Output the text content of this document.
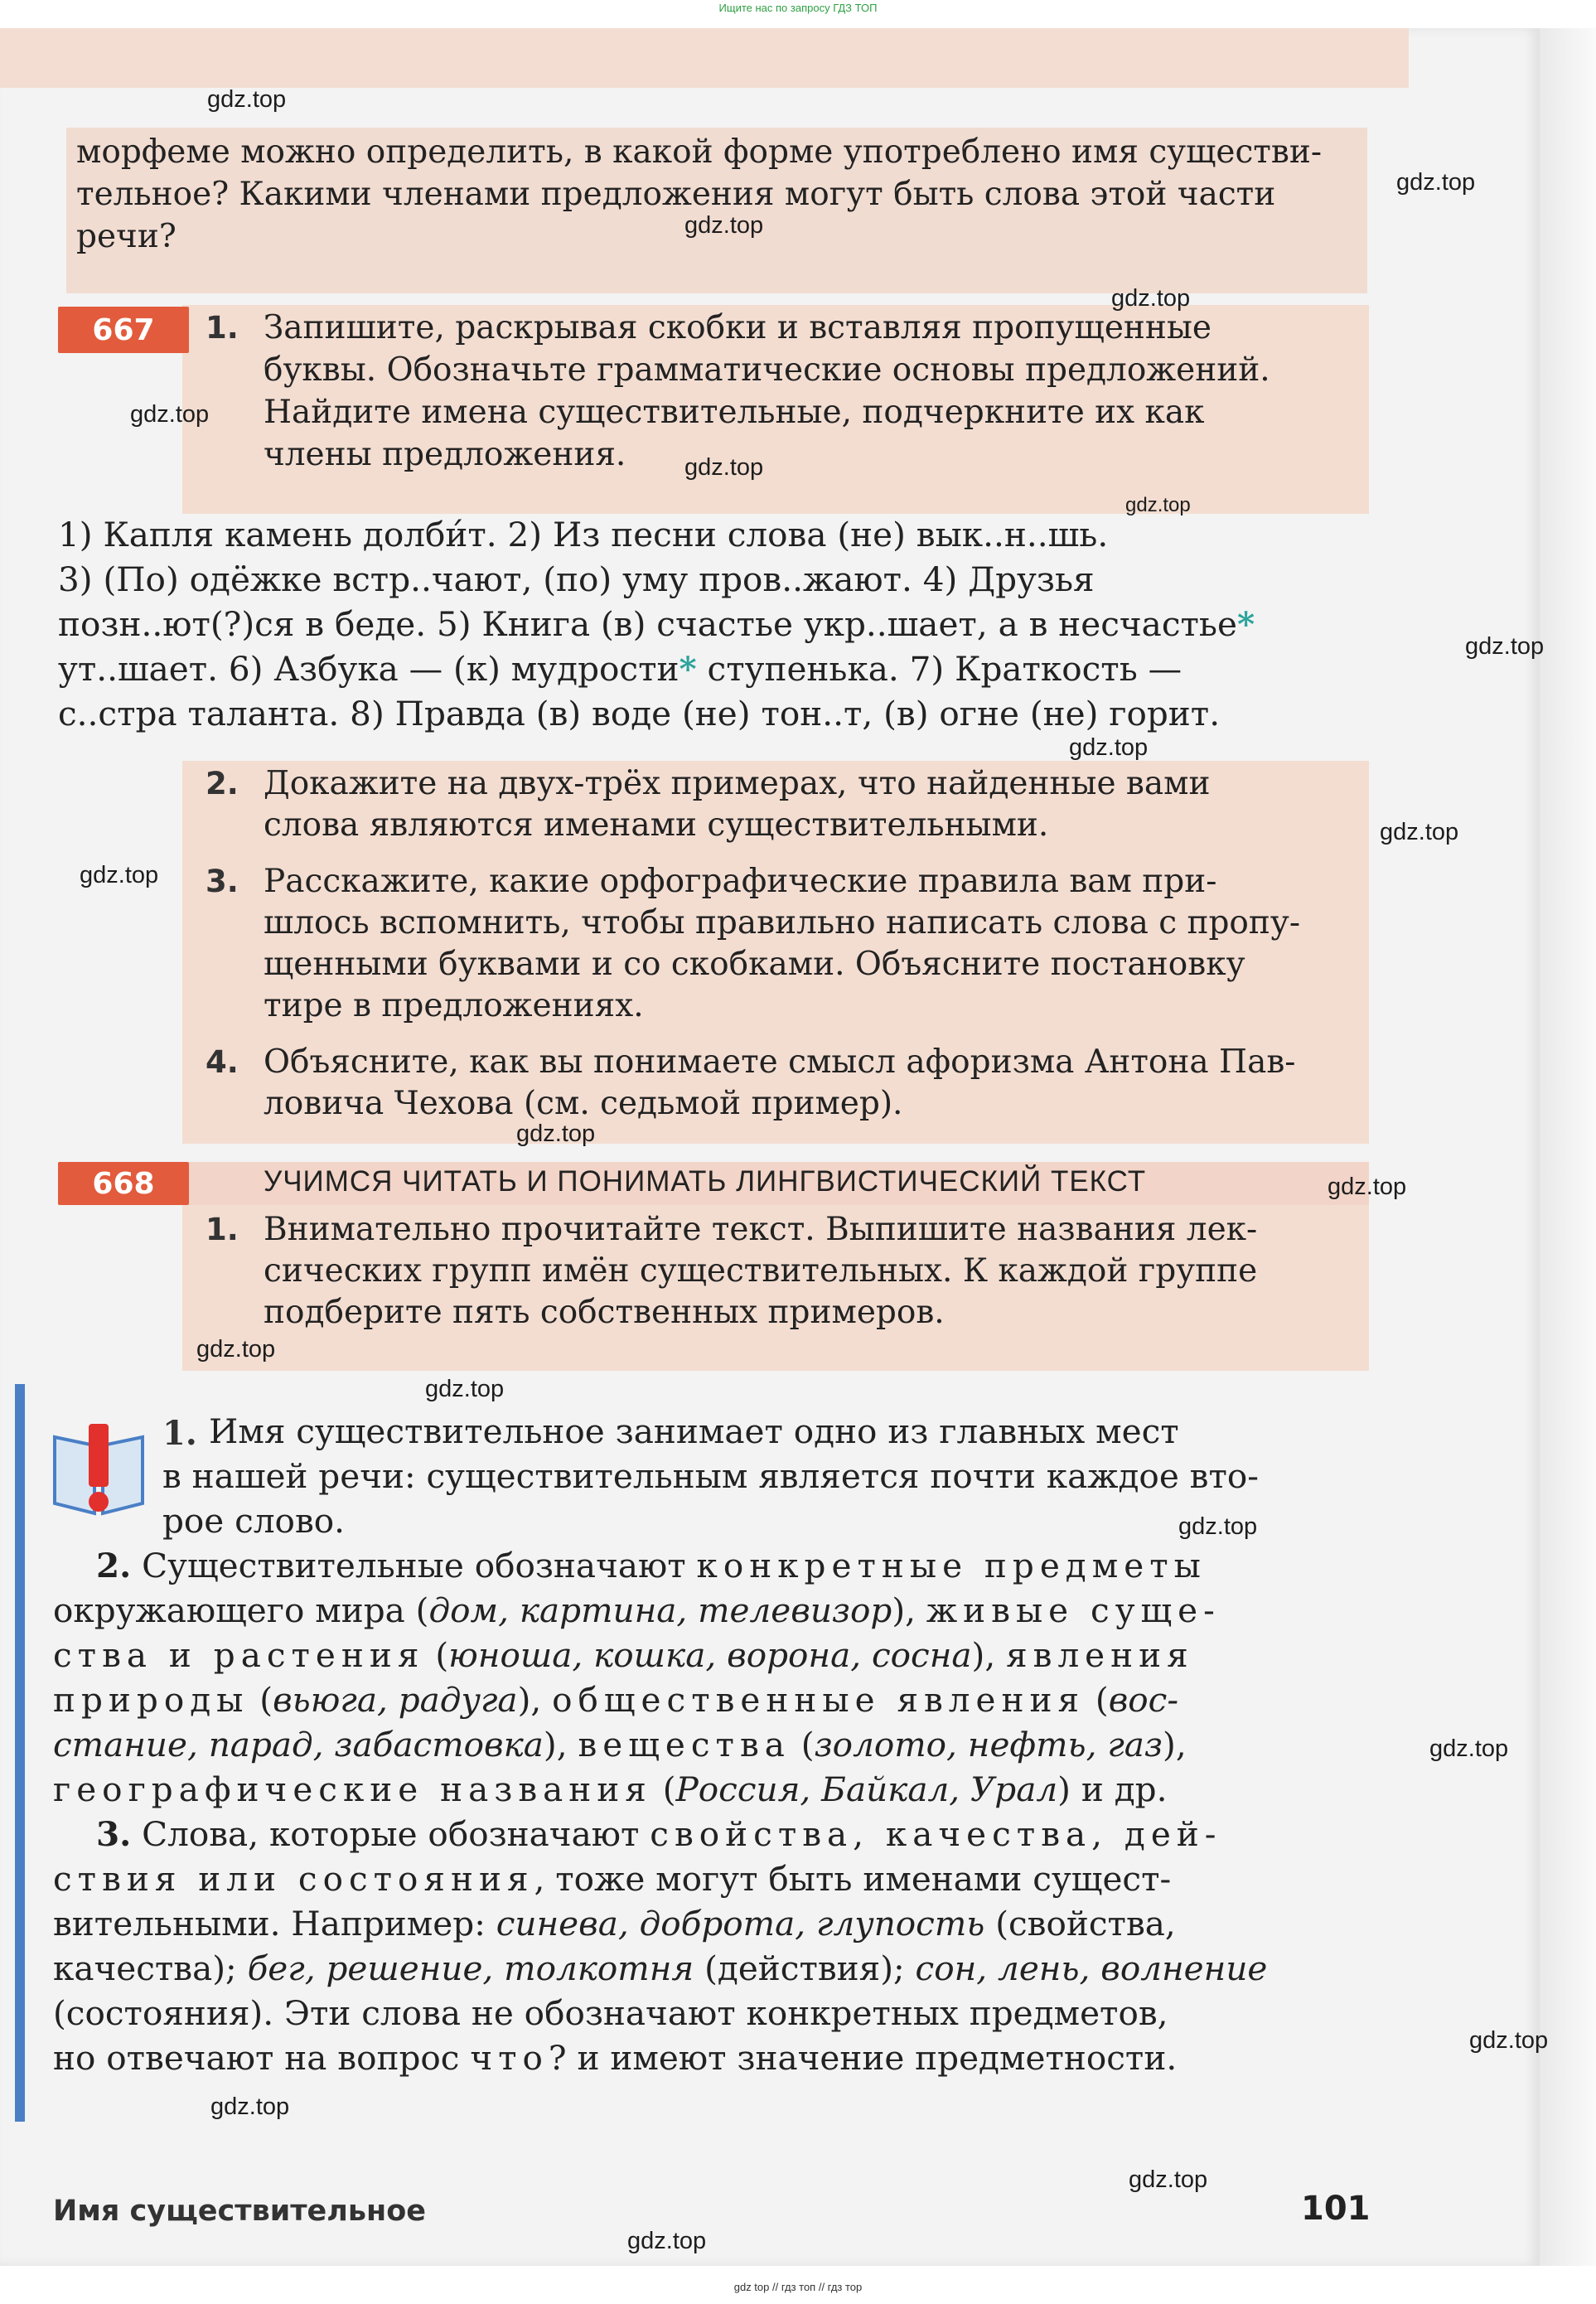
Ищите нас по запросу ГДЗ ТОП

морфеме можно определить, в какой форме употреблено имя существи-

тельное? Какими членами предложения могут быть слова этой части

речи?

667	1. Запишите, раскрывая скобки и вставляя пропущенные

буквы. Обозначьте грамматические основы предложений.

Найдите имена существительные, подчеркните их как

члены предложения.

1) Капля камень долби́т. 2) Из песни слова (не) вык..н..шь.

3) (По) одёжке встр..чают, (по) уму пров..жают. 4) Друзья

позн..ют(?)ся в беде. 5) Книга (в) счастье укр..шает, а в несчастье*

ут..шает. 6) Азбука — (к) мудрости* ступенька. 7) Краткость —

с..стра таланта. 8) Правда (в) воде (не) тон..т, (в) огне (не) горит.

2. Докажите на двух-трёх примерах, что найденные вами

слова являются именами существительными.

3. Расскажите, какие орфографические правила вам при-

шлось вспомнить, чтобы правильно написать слова с пропу-

щенными буквами и со скобками. Объясните постановку

тире в предложениях.

4. Объясните, как вы понимаете смысл афоризма Антона Пав-

ловича Чехова (см. седьмой пример).

668	УЧИМСЯ ЧИТАТЬ И ПОНИМАТЬ ЛИНГВИСТИЧЕСКИЙ ТЕКСТ
1. Внимательно прочитайте текст. Выпишите названия лек-

сических групп имён существительных. К каждой группе

подберите пять собственных примеров.

1. Имя существительное занимает одно из главных мест

в нашей речи: существительным является почти каждое вто-

рое слово.

2. Существительные обозначают конкретные предметы

окружающего мира (дом, картина, телевизор), живые суще-

ства и растения (юноша, кошка, ворона, сосна), явления

природы (вьюга, радуга), общественные явления (вос-

стание, парад, забастовка), вещества (золото, нефть, газ),

географические названия (Россия, Байкал, Урал) и др.

3. Слова, которые обозначают свойства, качества, дей-

ствия или состояния, тоже могут быть именами сущест-

вительными. Например: синева, доброта, глупость (свойства,

качества); бег, решение, толкотня (действия); сон, лень, волнение

(состояния). Эти слова не обозначают конкретных предметов,

но отвечают на вопрос что? и имеют значение предметности.

Имя существительное	101
gdz.top
gdz.top
gdz.top
gdz.top
gdz.top
gdz.top
gdz.top
gdz.top
gdz.top
gdz.top
gdz.top
gdz.top
gdz.top
gdz.top
gdz.top
gdz.top
gdz.top
gdz.top
gdz.top
gdz.top
gdz.top
gdz top // гдз топ // гдз тор
